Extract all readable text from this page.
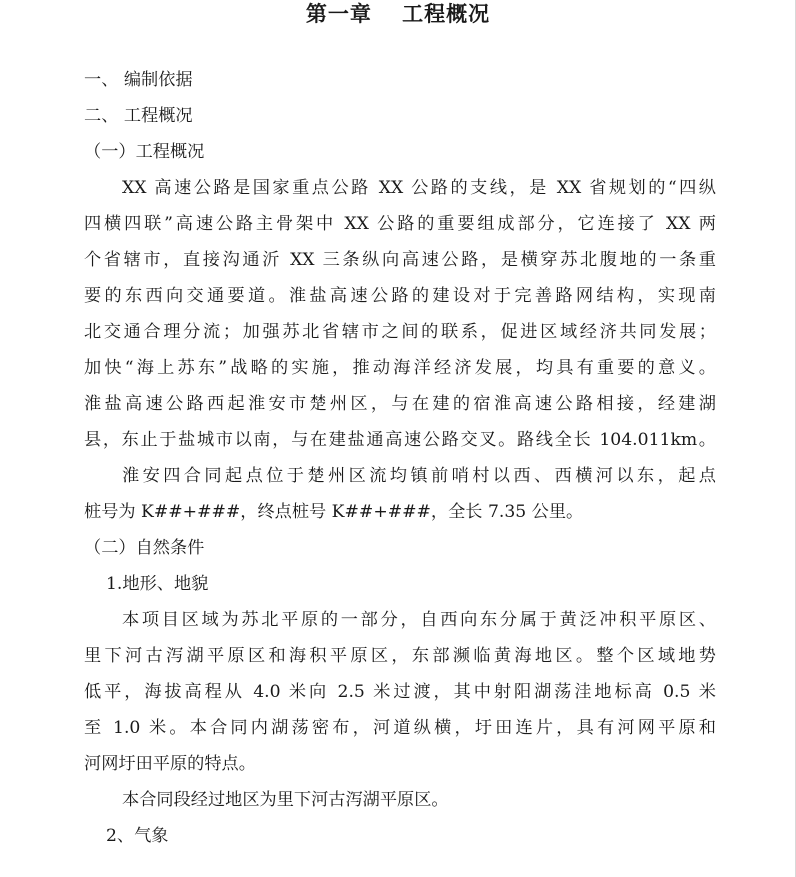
第一章　 工程概况
一、 编制依据
二、 工程概况
（一）工程概况
XX 高速公路是国家重点公路 XX 公路的支线，是 XX 省规划的“四纵
四横四联”高速公路主骨架中 XX 公路的重要组成部分，它连接了 XX 两
个省辖市，直接沟通沂 XX 三条纵向高速公路，是横穿苏北腹地的一条重
要的东西向交通要道。淮盐高速公路的建设对于完善路网结构，实现南
北交通合理分流；加强苏北省辖市之间的联系，促进区域经济共同发展；
加快“海上苏东”战略的实施，推动海洋经济发展，均具有重要的意义。
淮盐高速公路西起淮安市楚州区，与在建的宿淮高速公路相接，经建湖
县，东止于盐城市以南，与在建盐通高速公路交叉。路线全长 104.011km。
淮安四合同起点位于楚州区流均镇前哨村以西、西横河以东，起点
桩号为 K##+###，终点桩号 K##+###，全长 7.35 公里。
（二）自然条件
1.地形、地貌
本项目区域为苏北平原的一部分，自西向东分属于黄泛冲积平原区、
里下河古泻湖平原区和海积平原区，东部濒临黄海地区。整个区域地势
低平，海拔高程从 4.0 米向 2.5 米过渡，其中射阳湖荡洼地标高 0.5 米
至 1.0 米。本合同内湖荡密布，河道纵横，圩田连片，具有河网平原和
河网圩田平原的特点。
本合同段经过地区为里下河古泻湖平原区。
2、气象
